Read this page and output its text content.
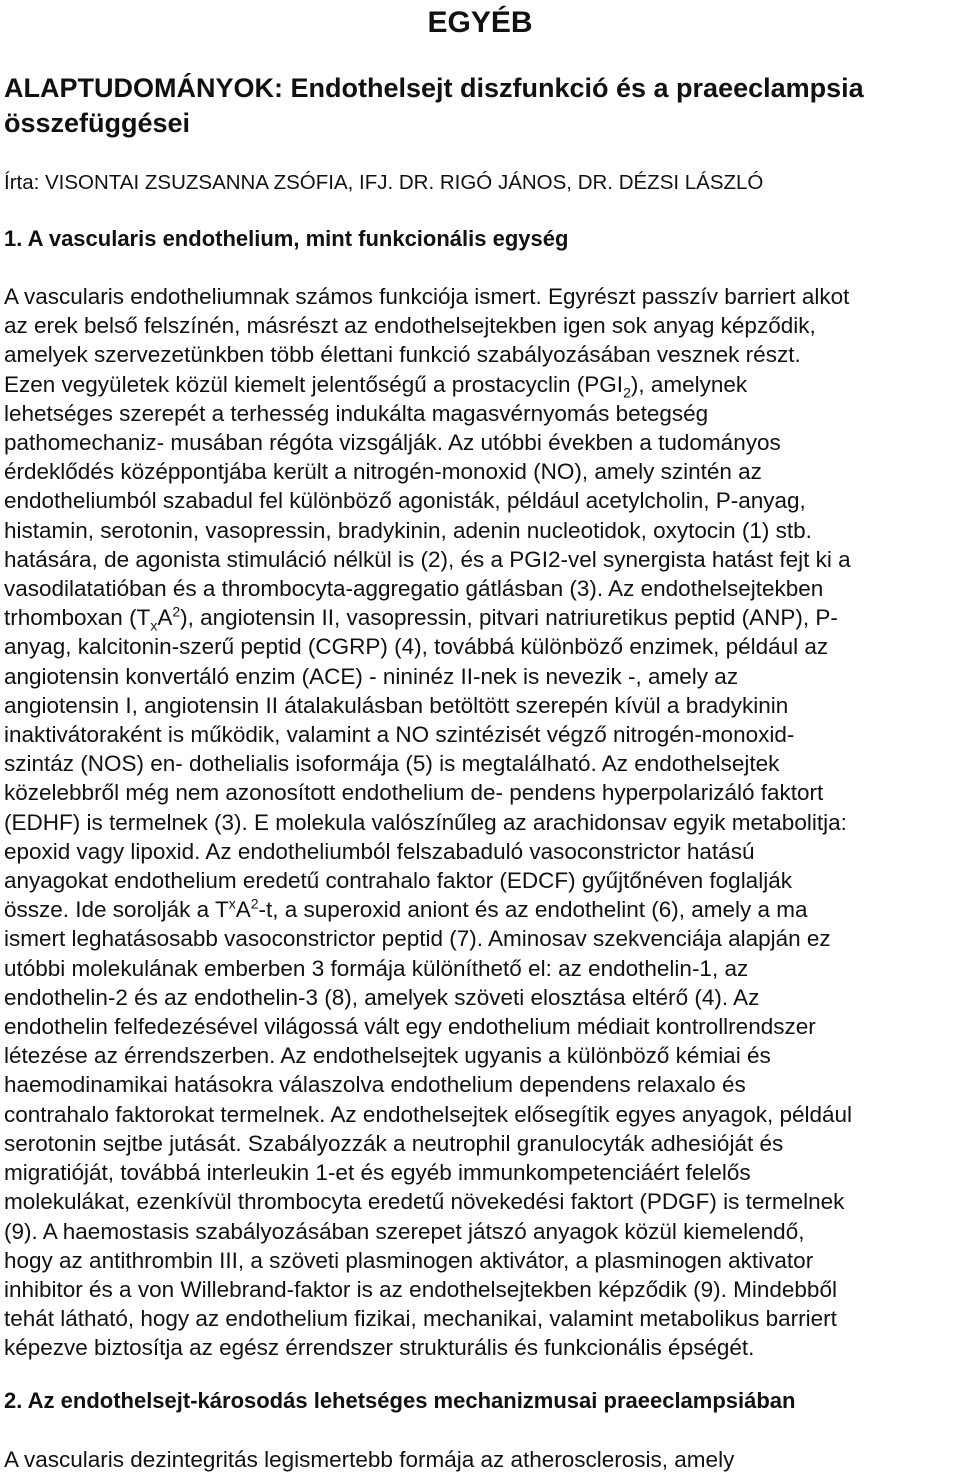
EGYÉB
ALAPTUDOMÁNYOK: Endothelsejt diszfunkció és a praeeclampsia összefüggései
Írta: VISONTAI ZSUZSANNA ZSÓFIA, IFJ. DR. RIGÓ JÁNOS, DR. DÉZSI LÁSZLÓ
1. A vascularis endothelium, mint funkcionális egység
A vascularis endotheliumnak számos funkciója ismert. Egyrészt passzív barriert alkot
az erek belső felszínén, másrészt az endothelsejtekben igen sok anyag képződik,
amelyek szervezetünkben több élettani funkció szabályozásában vesznek részt.
Ezen vegyületek közül kiemelt jelentőségű a prostacyclin $(PGI_2)$, amelynek
lehetséges szerepét a terhesség indukálta magasvérnyomás betegség
pathomechaniz- musában régóta vizsgálják. Az utóbbi években a tudományos
érdeklődés középpontjába került a nitrogén-monoxid (NO), amely szintén az
endotheliumból szabadul fel különböző agonisták, például acetylcholin, P-anyag,
histamin, serotonin, vasopressin, bradykinin, adenin nucleotidok, oxytocin (1) stb.
hatására, de agonista stimuláció nélkül is (2), és a PGI2-vel synergista hatást fejt ki a
vasodilatatióban és a thrombocyta-aggregatio gátlásban (3). Az endothelsejtekben
trhomboxan $(T_xA^2)$, angiotensin II, vasopressin, pitvari natriuretikus peptid (ANP), P-
anyag, kalcitonin-szerű peptid (CGRP) (4), továbbá különböző enzimek, például az
angiotensin konvertáló enzim (ACE) - nininéz II-nek is nevezik -, amely az
angiotensin I, angiotensin II átalakulásban betöltött szerepén kívül a bradykinin
inaktivátoraként is működik, valamint a NO szintézisét végző nitrogén-monoxid-
szintáz (NOS) en- dothelialis isoformája (5) is megtalálható. Az endothelsejtek
közelebbről még nem azonosított endothelium de- pendens hyperpolarizáló faktort
(EDHF) is termelnek (3). E molekula valószínűleg az arachidonsav egyik metabolitja:
epoxid vagy lipoxid. Az endotheliumból felszabaduló vasoconstrictor hatású
anyagokat endothelium eredetű contrahalo faktor (EDCF) gyűjtőnéven foglalják
össze. Ide sorolják a $T^xA^2-t$, a superoxid aniont és az endothelint (6), amely a ma
ismert leghatásosabb vasoconstrictor peptid (7). Aminosav szekvenciája alapján ez
utóbbi molekulának emberben 3 formája különíthető el: az endothelin-1, az
endothelin-2 és az endothelin-3 (8), amelyek szöveti elosztása eltérő (4). Az
endothelin felfedezésével világossá vált egy endothelium médiait kontrollrendszer
létezése az érrendszerben. Az endothelsejtek ugyanis a különböző kémiai és
haemodinamikai hatásokra válaszolva endothelium dependens relaxalo és
contrahalo faktorokat termelnek. Az endothelsejtek elősegítik egyes anyagok, például
serotonin sejtbe jutását. Szabályozzák a neutrophil granulocyták adhesióját és
migratióját, továbbá interleukin 1-et és egyéb immunkompetenciáért felelős
molekulákat, ezenkívül thrombocyta eredetű növekedési faktort (PDGF) is termelnek
(9). A haemostasis szabályozásában szerepet játszó anyagok közül kiemelendő,
hogy az antithrombin III, a szöveti plasminogen aktivátor, a plasminogen aktivator
inhibitor és a von Willebrand-faktor is az endothelsejtekben képződik (9). Mindebből
tehát látható, hogy az endothelium fizikai, mechanikai, valamint metabolikus barriert
képezve biztosítja az egész érrendszer strukturális és funkcionális épségét.
2. Az endothelsejt-károsodás lehetséges mechanizmusai praeeclampsiában
A vascularis dezintegritás legismertebb formája az atherosclerosis, amely
